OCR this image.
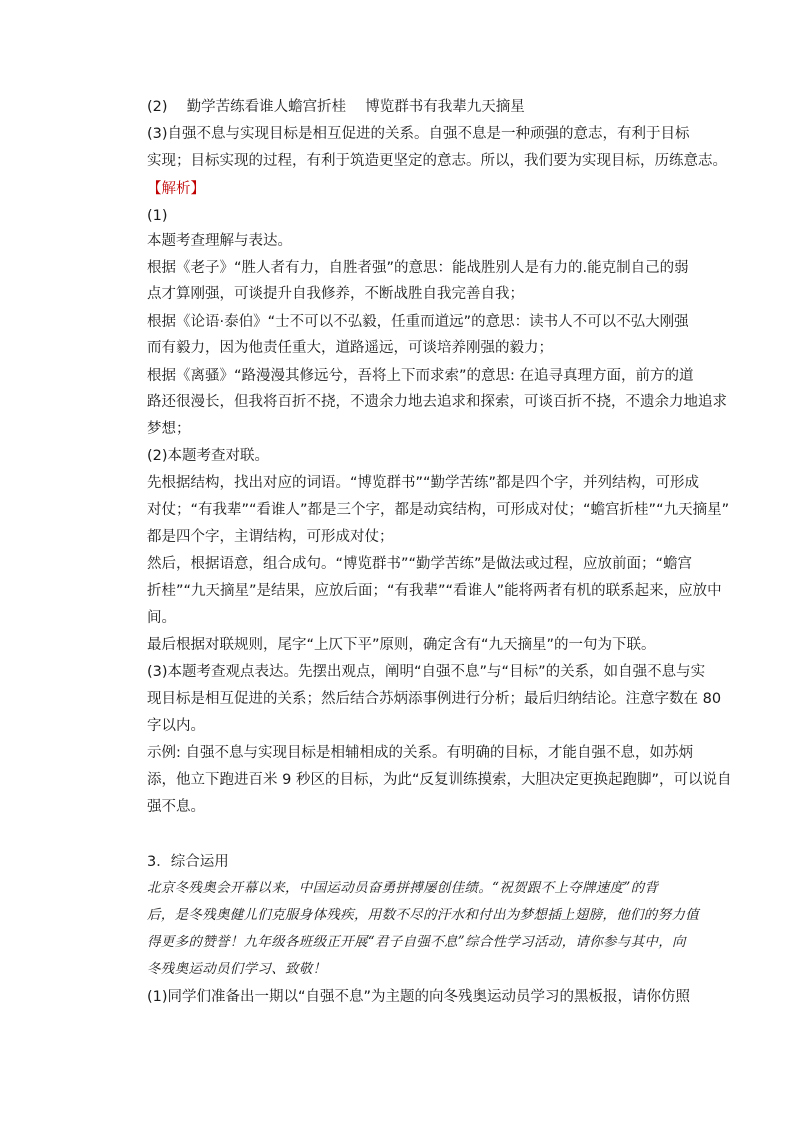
(2)　 勤学苦练看谁人蟾宫折桂　 博览群书有我辈九天摘星
(3)自强不息与实现目标是相互促进的关系。自强不息是一种顽强的意志，有利于目标
实现；目标实现的过程，有利于筑造更坚定的意志。所以，我们要为实现目标，历练意志。
【解析】
(1)
本题考查理解与表达。
根据《老子》“胜人者有力，自胜者强”的意思：能战胜别人是有力的.能克制自己的弱
点才算刚强，可谈提升自我修养，不断战胜自我完善自我；
根据《论语·泰伯》“士不可以不弘毅，任重而道远”的意思：读书人不可以不弘大刚强
而有毅力，因为他责任重大，道路遥远，可谈培养刚强的毅力；
根据《离骚》“路漫漫其修远兮，吾将上下而求索”的意思: 在追寻真理方面，前方的道
路还很漫长，但我将百折不挠，不遗余力地去追求和探索，可谈百折不挠，不遗余力地追求
梦想；
(2)本题考查对联。
先根据结构，找出对应的词语。“博览群书”“勤学苦练”都是四个字，并列结构，可形成
对仗；“有我辈”“看谁人”都是三个字，都是动宾结构，可形成对仗；“蟾宫折桂”“九天摘星”
都是四个字，主谓结构，可形成对仗；
然后，根据语意，组合成句。“博览群书”“勤学苦练”是做法或过程，应放前面；“蟾宫
折桂”“九天摘星”是结果，应放后面；“有我辈”“看谁人”能将两者有机的联系起来，应放中
间。
最后根据对联规则，尾字“上仄下平”原则，确定含有“九天摘星”的一句为下联。
(3)本题考查观点表达。先摆出观点，阐明“自强不息”与“目标”的关系，如自强不息与实
现目标是相互促进的关系；然后结合苏炳添事例进行分析；最后归纳结论。注意字数在 80
字以内。
示例: 自强不息与实现目标是相辅相成的关系。有明确的目标，才能自强不息，如苏炳
添，他立下跑进百米 9 秒区的目标，为此“反复训练摸索，大胆决定更换起跑脚”，可以说自
强不息。
3．综合运用
北京冬残奥会开幕以来，中国运动员奋勇拼搏屡创佳绩。“祝贺跟不上夺牌速度”的背
后，是冬残奥健儿们克服身体残疾，用数不尽的汗水和付出为梦想插上翅膀，他们的努力值
得更多的赞誉！九年级各班级正开展“君子自强不息”综合性学习活动，请你参与其中，向
冬残奥运动员们学习、致敬！
(1)同学们准备出一期以“自强不息”为主题的向冬残奥运动员学习的黑板报，请你仿照
